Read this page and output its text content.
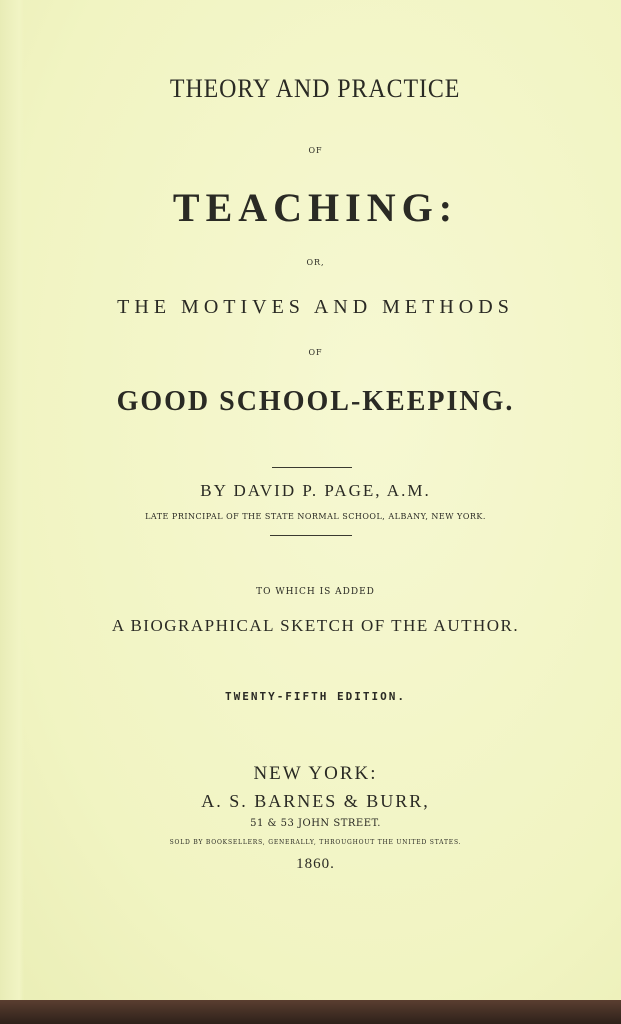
THEORY AND PRACTICE
OF
TEACHING:
OR,
THE MOTIVES AND METHODS
OF
GOOD SCHOOL-KEEPING.
BY DAVID P. PAGE, A.M.
LATE PRINCIPAL OF THE STATE NORMAL SCHOOL, ALBANY, NEW YORK.
TO WHICH IS ADDED
A BIOGRAPHICAL SKETCH OF THE AUTHOR.
TWENTY-FIFTH EDITION.
NEW YORK:
A. S. BARNES & BURR,
51 & 53 JOHN STREET.
SOLD BY BOOKSELLERS, GENERALLY, THROUGHOUT THE UNITED STATES.
1860.
